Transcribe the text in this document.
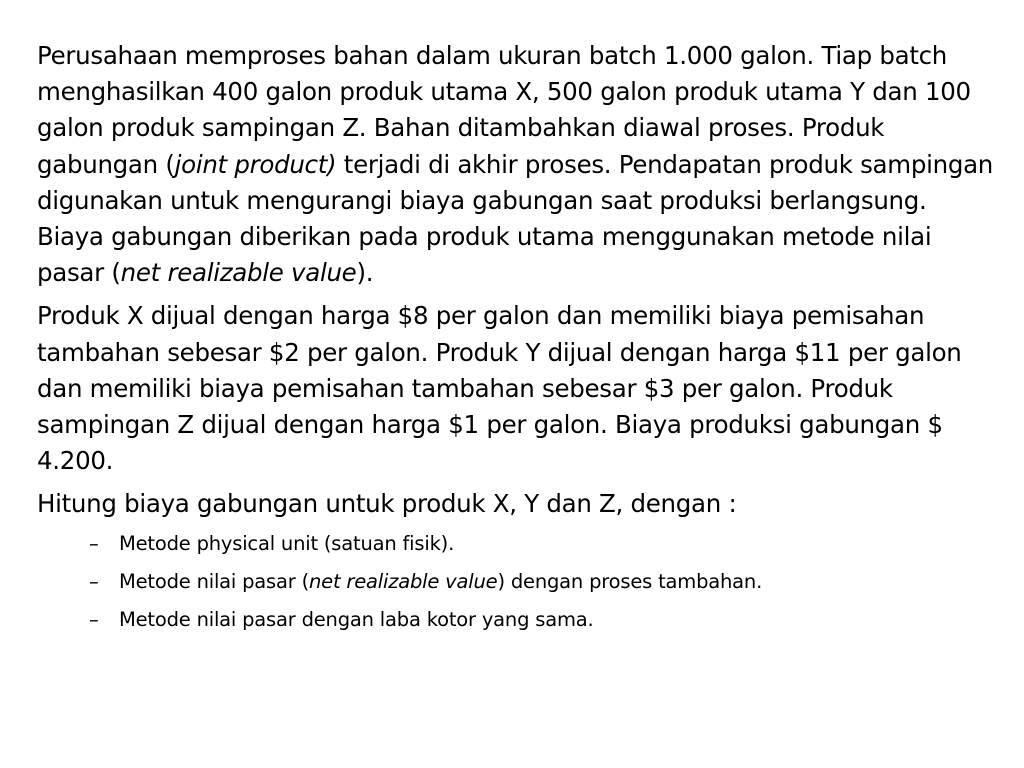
Perusahaan memproses bahan dalam ukuran batch 1.000 galon. Tiap batch menghasilkan 400 galon produk utama X, 500 galon produk utama Y dan 100 galon produk sampingan Z. Bahan ditambahkan diawal proses. Produk gabungan (joint product) terjadi di akhir proses. Pendapatan produk sampingan digunakan untuk mengurangi biaya gabungan saat produksi berlangsung. Biaya gabungan diberikan pada produk utama menggunakan metode nilai pasar (net realizable value).

Produk X dijual dengan harga $8 per galon dan memiliki biaya pemisahan tambahan sebesar $2 per galon. Produk Y dijual dengan harga $11 per galon dan memiliki biaya pemisahan tambahan sebesar $3 per galon. Produk sampingan Z dijual dengan harga $1 per galon. Biaya produksi gabungan $ 4.200.

Hitung biaya gabungan untuk produk X, Y dan Z, dengan :

– Metode physical unit (satuan fisik).
– Metode nilai pasar (net realizable value) dengan proses tambahan.
– Metode nilai pasar dengan laba kotor yang sama.
